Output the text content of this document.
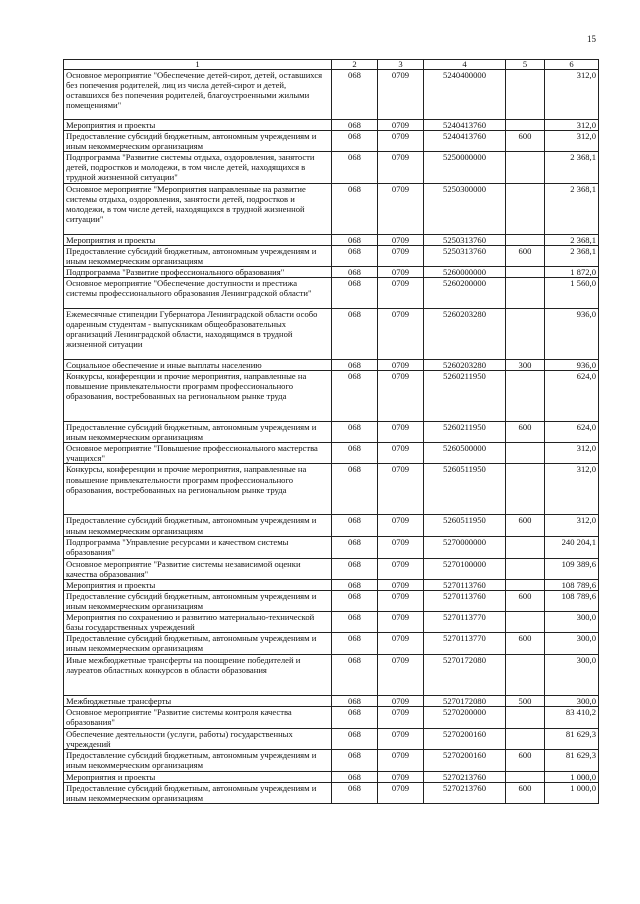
15
1	2	3	4	5	6
Основное мероприятие "Обеспечение детей-сирот, детей, оставшихся без попечения родителей, лиц из числа детей-сирот и детей, оставшихся без попечения родителей, благоустроенными жилыми помещениями"	068	0709	5240400000		312,0
Мероприятия и проекты	068	0709	5240413760		312,0
Предоставление субсидий бюджетным, автономным учреждениям и иным некоммерческим организациям	068	0709	5240413760	600	312,0
Подпрограмма "Развитие системы отдыха, оздоровления, занятости детей, подростков и молодежи, в том числе детей, находящихся в трудной жизненной ситуации"	068	0709	5250000000		2 368,1
Основное мероприятие "Мероприятия направленные на развитие системы отдыха, оздоровления, занятости детей, подростков и молодежи, в том числе детей, находящихся в трудной жизненной ситуации"	068	0709	5250300000		2 368,1
Мероприятия и проекты	068	0709	5250313760		2 368,1
Предоставление субсидий бюджетным, автономным учреждениям и иным некоммерческим организациям	068	0709	5250313760	600	2 368,1
Подпрограмма "Развитие профессионального образования"	068	0709	5260000000		1 872,0
Основное мероприятие "Обеспечение доступности и престижа системы профессионального образования Ленинградской области"	068	0709	5260200000		1 560,0
Ежемесячные стипендии Губернатора Ленинградской области особо одаренным студентам - выпускникам общеобразовательных организаций Ленинградской области, находящимся в трудной жизненной ситуации	068	0709	5260203280		936,0
Социальное обеспечение и иные выплаты населению	068	0709	5260203280	300	936,0
Конкурсы, конференции и прочие мероприятия, направленные на повышение привлекательности программ профессионального образования, востребованных на региональном рынке труда	068	0709	5260211950		624,0
Предоставление субсидий бюджетным, автономным учреждениям и иным некоммерческим организациям	068	0709	5260211950	600	624,0
Основное мероприятие "Повышение профессионального мастерства учащихся"	068	0709	5260500000		312,0
Конкурсы, конференции и прочие мероприятия, направленные на повышение привлекательности программ профессионального образования, востребованных на региональном рынке труда	068	0709	5260511950		312,0
Предоставление субсидий бюджетным, автономным учреждениям и иным некоммерческим организациям	068	0709	5260511950	600	312,0
Подпрограмма "Управление ресурсами и качеством системы образования"	068	0709	5270000000		240 204,1
Основное мероприятие "Развитие системы независимой оценки качества образования"	068	0709	5270100000		109 389,6
Мероприятия и проекты	068	0709	5270113760		108 789,6
Предоставление субсидий бюджетным, автономным учреждениям и иным некоммерческим организациям	068	0709	5270113760	600	108 789,6
Мероприятия по сохранению и развитию материально-технической базы государственных учреждений	068	0709	5270113770		300,0
Предоставление субсидий бюджетным, автономным учреждениям и иным некоммерческим организациям	068	0709	5270113770	600	300,0
Иные межбюджетные трансферты на поощрение победителей и лауреатов областных конкурсов в области образования	068	0709	5270172080		300,0
Межбюджетные трансферты	068	0709	5270172080	500	300,0
Основное мероприятие "Развитие системы контроля качества образования"	068	0709	5270200000		83 410,2
Обеспечение деятельности (услуги, работы) государственных учреждений	068	0709	5270200160		81 629,3
Предоставление субсидий бюджетным, автономным учреждениям и иным некоммерческим организациям	068	0709	5270200160	600	81 629,3
Мероприятия и проекты	068	0709	5270213760		1 000,0
Предоставление субсидий бюджетным, автономным учреждениям и иным некоммерческим организациям	068	0709	5270213760	600	1 000,0
